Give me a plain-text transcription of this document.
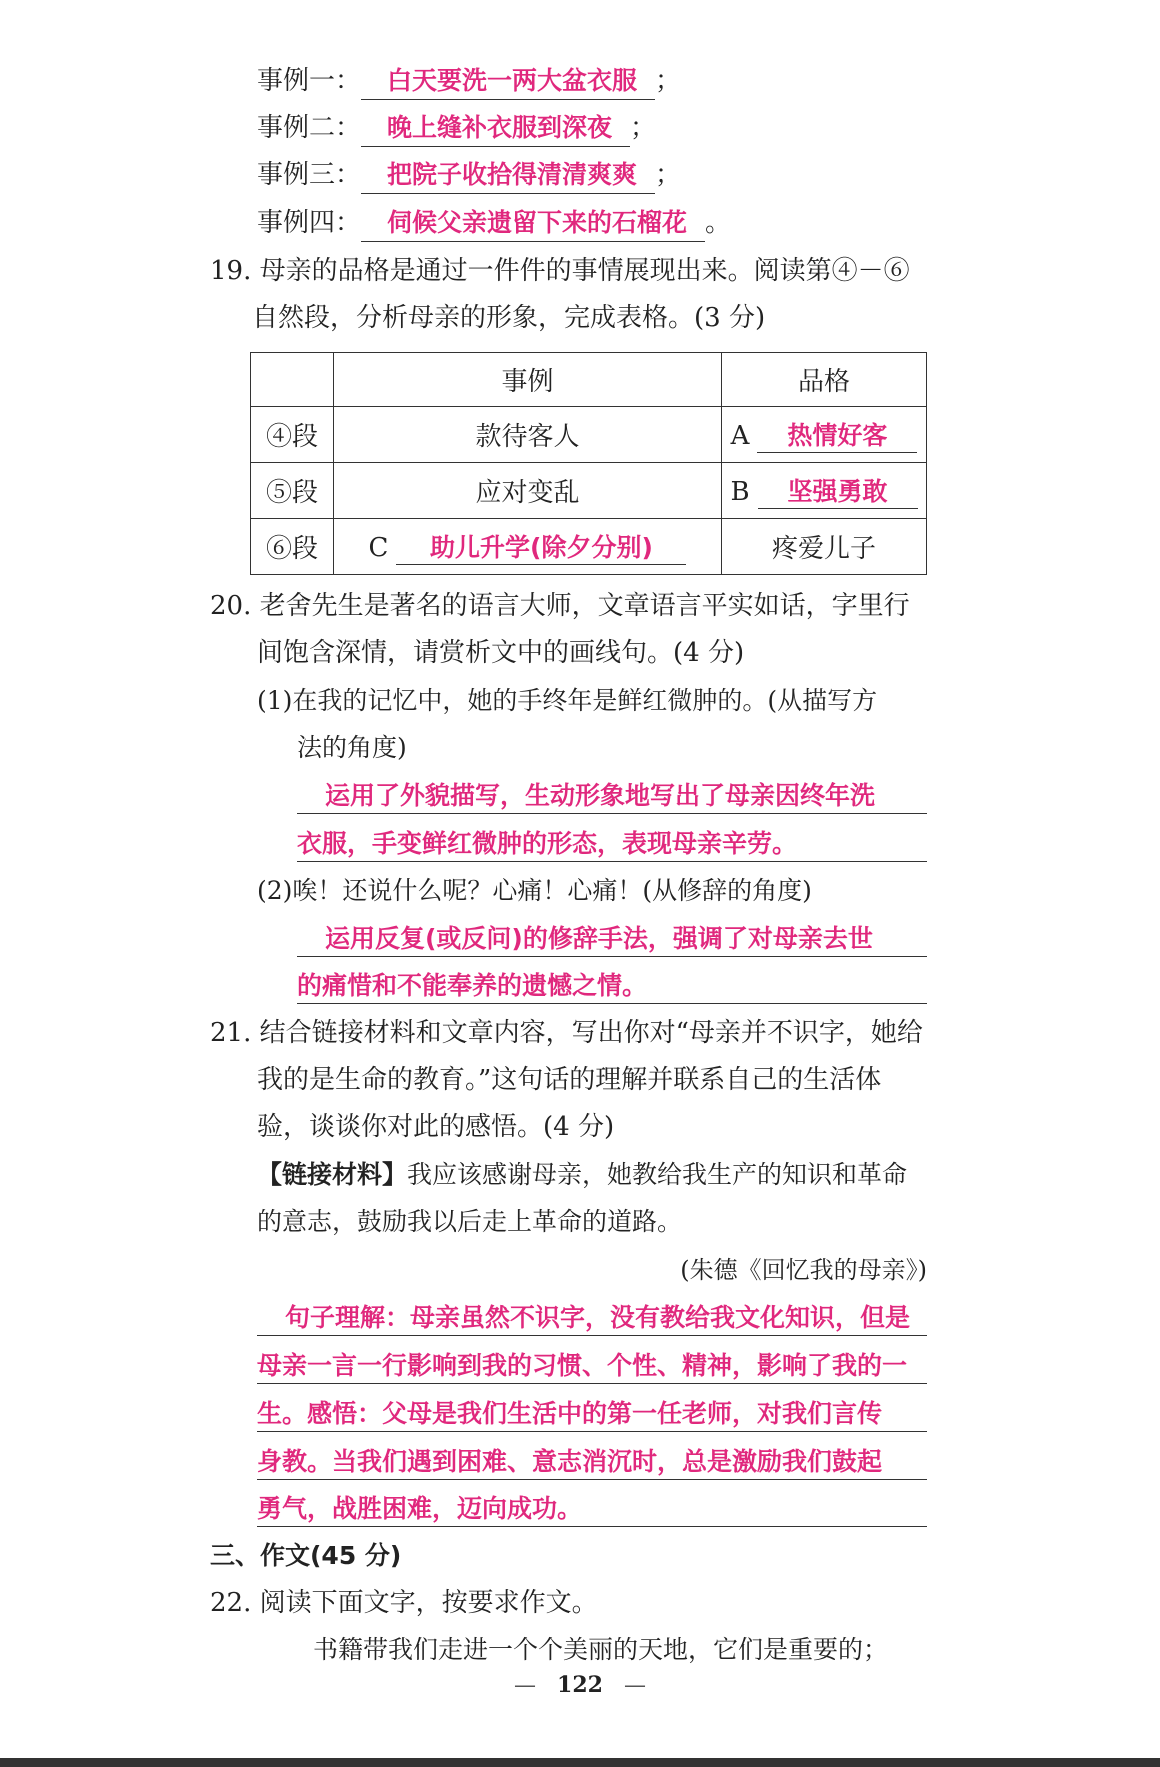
事例一： 白天要洗一两大盆衣服 ；
事例二： 晚上缝补衣服到深夜 ；
事例三： 把院子收拾得清清爽爽 ；
事例四： 伺候父亲遗留下来的石榴花 。
19. 母亲的品格是通过一件件的事情展现出来。阅读第④－⑥
自然段，分析母亲的形象，完成表格。(3 分)
	事例	品格
④段	款待客人	A 热情好客
⑤段	应对变乱	B 坚强勇敢
⑥段	C 助儿升学(除夕分别)	疼爱儿子
20. 老舍先生是著名的语言大师，文章语言平实如话，字里行
间饱含深情，请赏析文中的画线句。(4 分)
(1)在我的记忆中，她的手终年是鲜红微肿的。(从描写方
法的角度)
运用了外貌描写，生动形象地写出了母亲因终年洗
衣服，手变鲜红微肿的形态，表现母亲辛劳。
(2)唉！还说什么呢？心痛！心痛！(从修辞的角度)
运用反复(或反问)的修辞手法，强调了对母亲去世
的痛惜和不能奉养的遗憾之情。
21. 结合链接材料和文章内容，写出你对“母亲并不识字，她给
我的是生命的教育。”这句话的理解并联系自己的生活体
验，谈谈你对此的感悟。(4 分)
【链接材料】我应该感谢母亲，她教给我生产的知识和革命
的意志，鼓励我以后走上革命的道路。
(朱德《回忆我的母亲》)
句子理解：母亲虽然不识字，没有教给我文化知识，但是
母亲一言一行影响到我的习惯、个性、精神，影响了我的一
生。感悟：父母是我们生活中的第一任老师，对我们言传
身教。当我们遇到困难、意志消沉时，总是激励我们鼓起
勇气，战胜困难，迈向成功。
三、作文(45 分)
22. 阅读下面文字，按要求作文。
书籍带我们走进一个个美丽的天地，它们是重要的；
—   122   —
